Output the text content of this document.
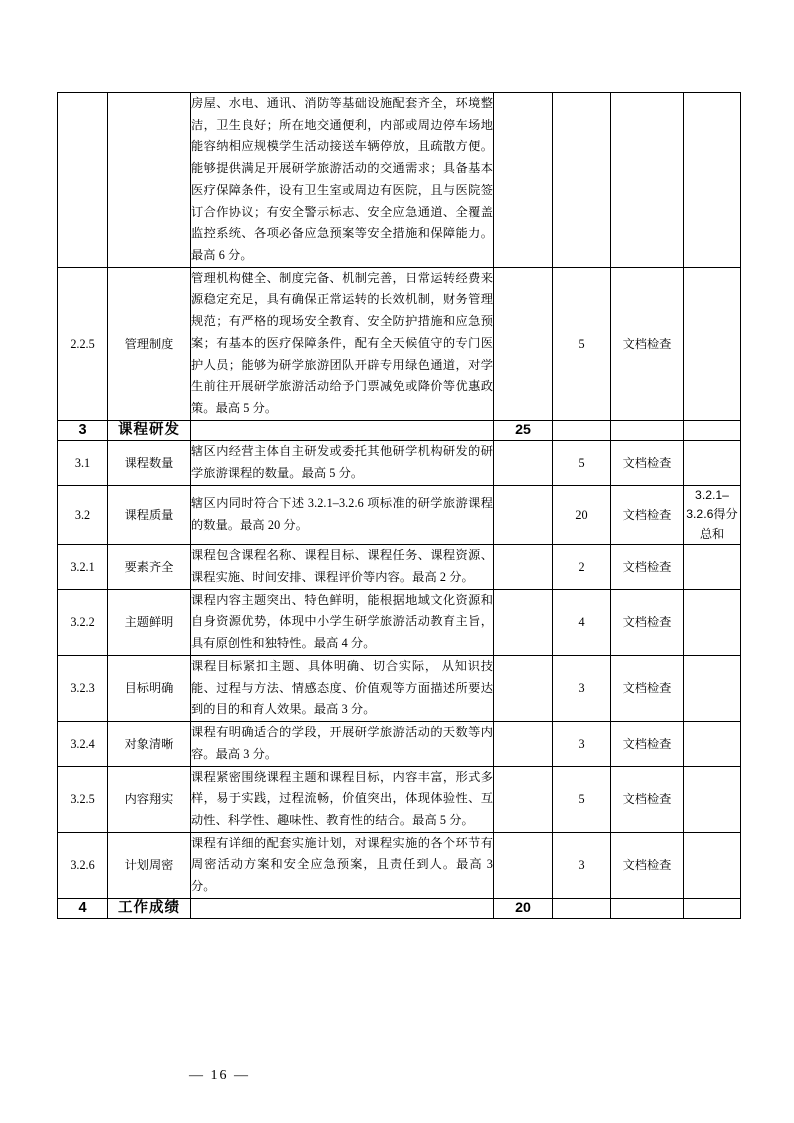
		房屋、水电、通讯、消防等基础设施配套齐全，环境整洁，卫生良好；所在地交通便利，内部或周边停车场地能容纳相应规模学生活动接送车辆停放，且疏散方便。能够提供满足开展研学旅游活动的交通需求；具备基本医疗保障条件，设有卫生室或周边有医院，且与医院签订合作协议；有安全警示标志、安全应急通道、全覆盖监控系统、各项必备应急预案等安全措施和保障能力。最高 6 分。				
2.2.5	管理制度	管理机构健全、制度完备、机制完善，日常运转经费来源稳定充足，具有确保正常运转的长效机制，财务管理规范；有严格的现场安全教育、安全防护措施和应急预案；有基本的医疗保障条件，配有全天候值守的专门医护人员；能够为研学旅游团队开辟专用绿色通道，对学生前往开展研学旅游活动给予门票减免或降价等优惠政策。最高 5 分。		5	文档检查	
3	课程研发		25			
3.1	课程数量	辖区内经营主体自主研发或委托其他研学机构研发的研学旅游课程的数量。最高 5 分。		5	文档检查	
3.2	课程质量	辖区内同时符合下述 3.2.1–3.2.6 项标准的研学旅游课程的数量。最高 20 分。		20	文档检查	3.2.1–3.2.6得分总和
3.2.1	要素齐全	课程包含课程名称、课程目标、课程任务、课程资源、课程实施、时间安排、课程评价等内容。最高 2 分。		2	文档检查	
3.2.2	主题鲜明	课程内容主题突出、特色鲜明，能根据地域文化资源和自身资源优势，体现中小学生研学旅游活动教育主旨，具有原创性和独特性。最高 4 分。		4	文档检查	
3.2.3	目标明确	课程目标紧扣主题、具体明确、切合实际， 从知识技能、过程与方法、情感态度、价值观等方面描述所要达到的目的和育人效果。最高 3 分。		3	文档检查	
3.2.4	对象清晰	课程有明确适合的学段，开展研学旅游活动的天数等内容。最高 3 分。		3	文档检查	
3.2.5	内容翔实	课程紧密围绕课程主题和课程目标，内容丰富，形式多样，易于实践，过程流畅，价值突出，体现体验性、互动性、科学性、趣味性、教育性的结合。最高 5 分。		5	文档检查	
3.2.6	计划周密	课程有详细的配套实施计划，对课程实施的各个环节有周密活动方案和安全应急预案，且责任到人。最高 3 分。		3	文档检查	
4	工作成绩		20			
— 16 —
